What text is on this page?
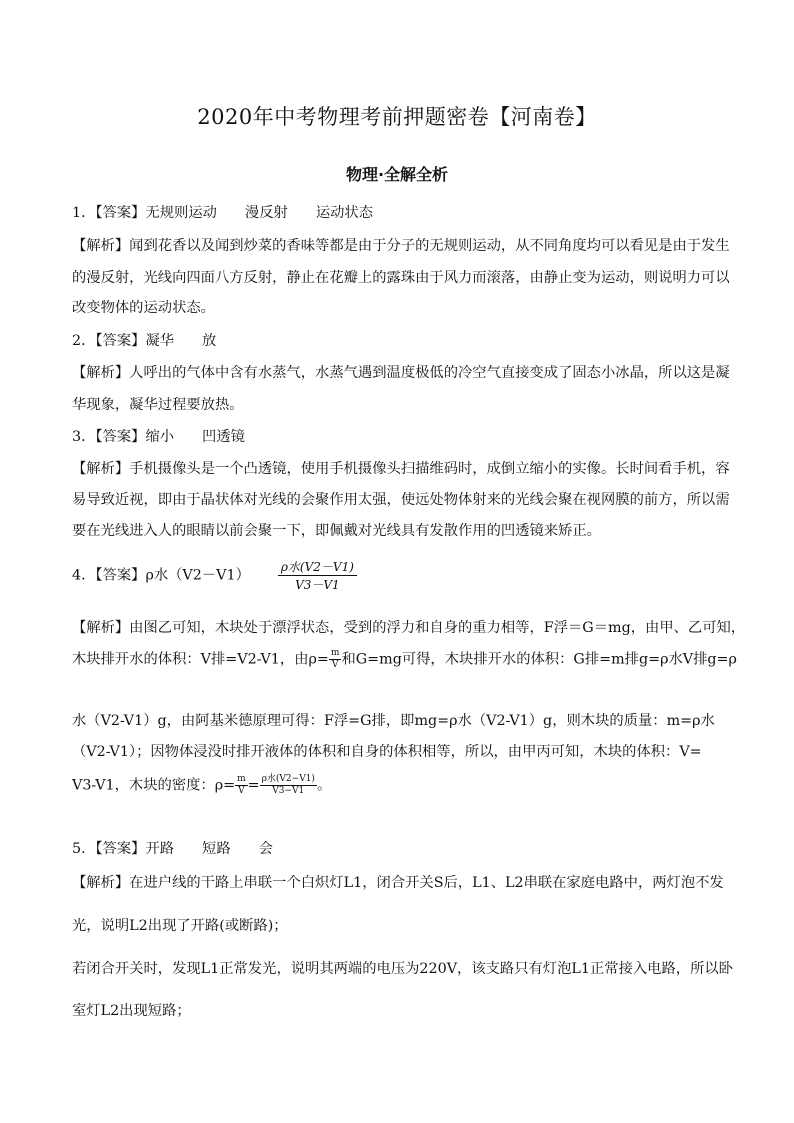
2020年中考物理考前押题密卷【河南卷】
物理·全解全析
1．【答案】无规则运动 漫反射 运动状态
【解析】闻到花香以及闻到炒菜的香味等都是由于分子的无规则运动，从不同角度均可以看见是由于发生
的漫反射，光线向四面八方反射，静止在花瓣上的露珠由于风力而滚落，由静止变为运动，则说明力可以
改变物体的运动状态。
2．【答案】凝华 放
【解析】人呼出的气体中含有水蒸气，水蒸气遇到温度极低的冷空气直接变成了固态小冰晶，所以这是凝
华现象，凝华过程要放热。
3．【答案】缩小 凹透镜
【解析】手机摄像头是一个凸透镜，使用手机摄像头扫描维码时，成倒立缩小的实像。长时间看手机，容
易导致近视，即由于晶状体对光线的会聚作用太强，使远处物体射来的光线会聚在视网膜的前方，所以需
要在光线进入人的眼睛以前会聚一下，即佩戴对光线具有发散作用的凹透镜来矫正。
4．【答案】ρ水$(V2-V1) \frac{\text{ρ水(V2－V1)}}{V3-V1}$
【解析】由图乙可知，木块处于漂浮状态，受到的浮力和自身的重力相等，F浮＝G＝mg，由甲、乙可知，
木块排开水的体积：V排=V2-V1，由$\rho= \frac{m}{V}$ 和G=mg可得，木块排开水的体积：G排=m排g=ρ水V排g=ρ
水（V2-V1）g，由阿基米德原理可得：F浮=G排，即mg=ρ水（V2-V1）g，则木块的质量：m=ρ水
（V2-V1）；因物体浸没时排开液体的体积和自身的体积相等，所以，由甲丙可知，木块的体积：V=
V3-V1，木块的密度：$\rho= \frac{m}{V} = \frac{\text{ρ水(V2−V1)}}{V3-V1}$ 。
5．【答案】开路 短路 会
【解析】在进户线的干路上串联一个白炽灯L1，闭合开关S后，L1、L2串联在家庭电路中，两灯泡不发
光，说明L2出现了开路(或断路)；
若闭合开关时，发现L1正常发光，说明其两端的电压为220V，该支路只有灯泡L1正常接入电路，所以卧
室灯L2出现短路；
